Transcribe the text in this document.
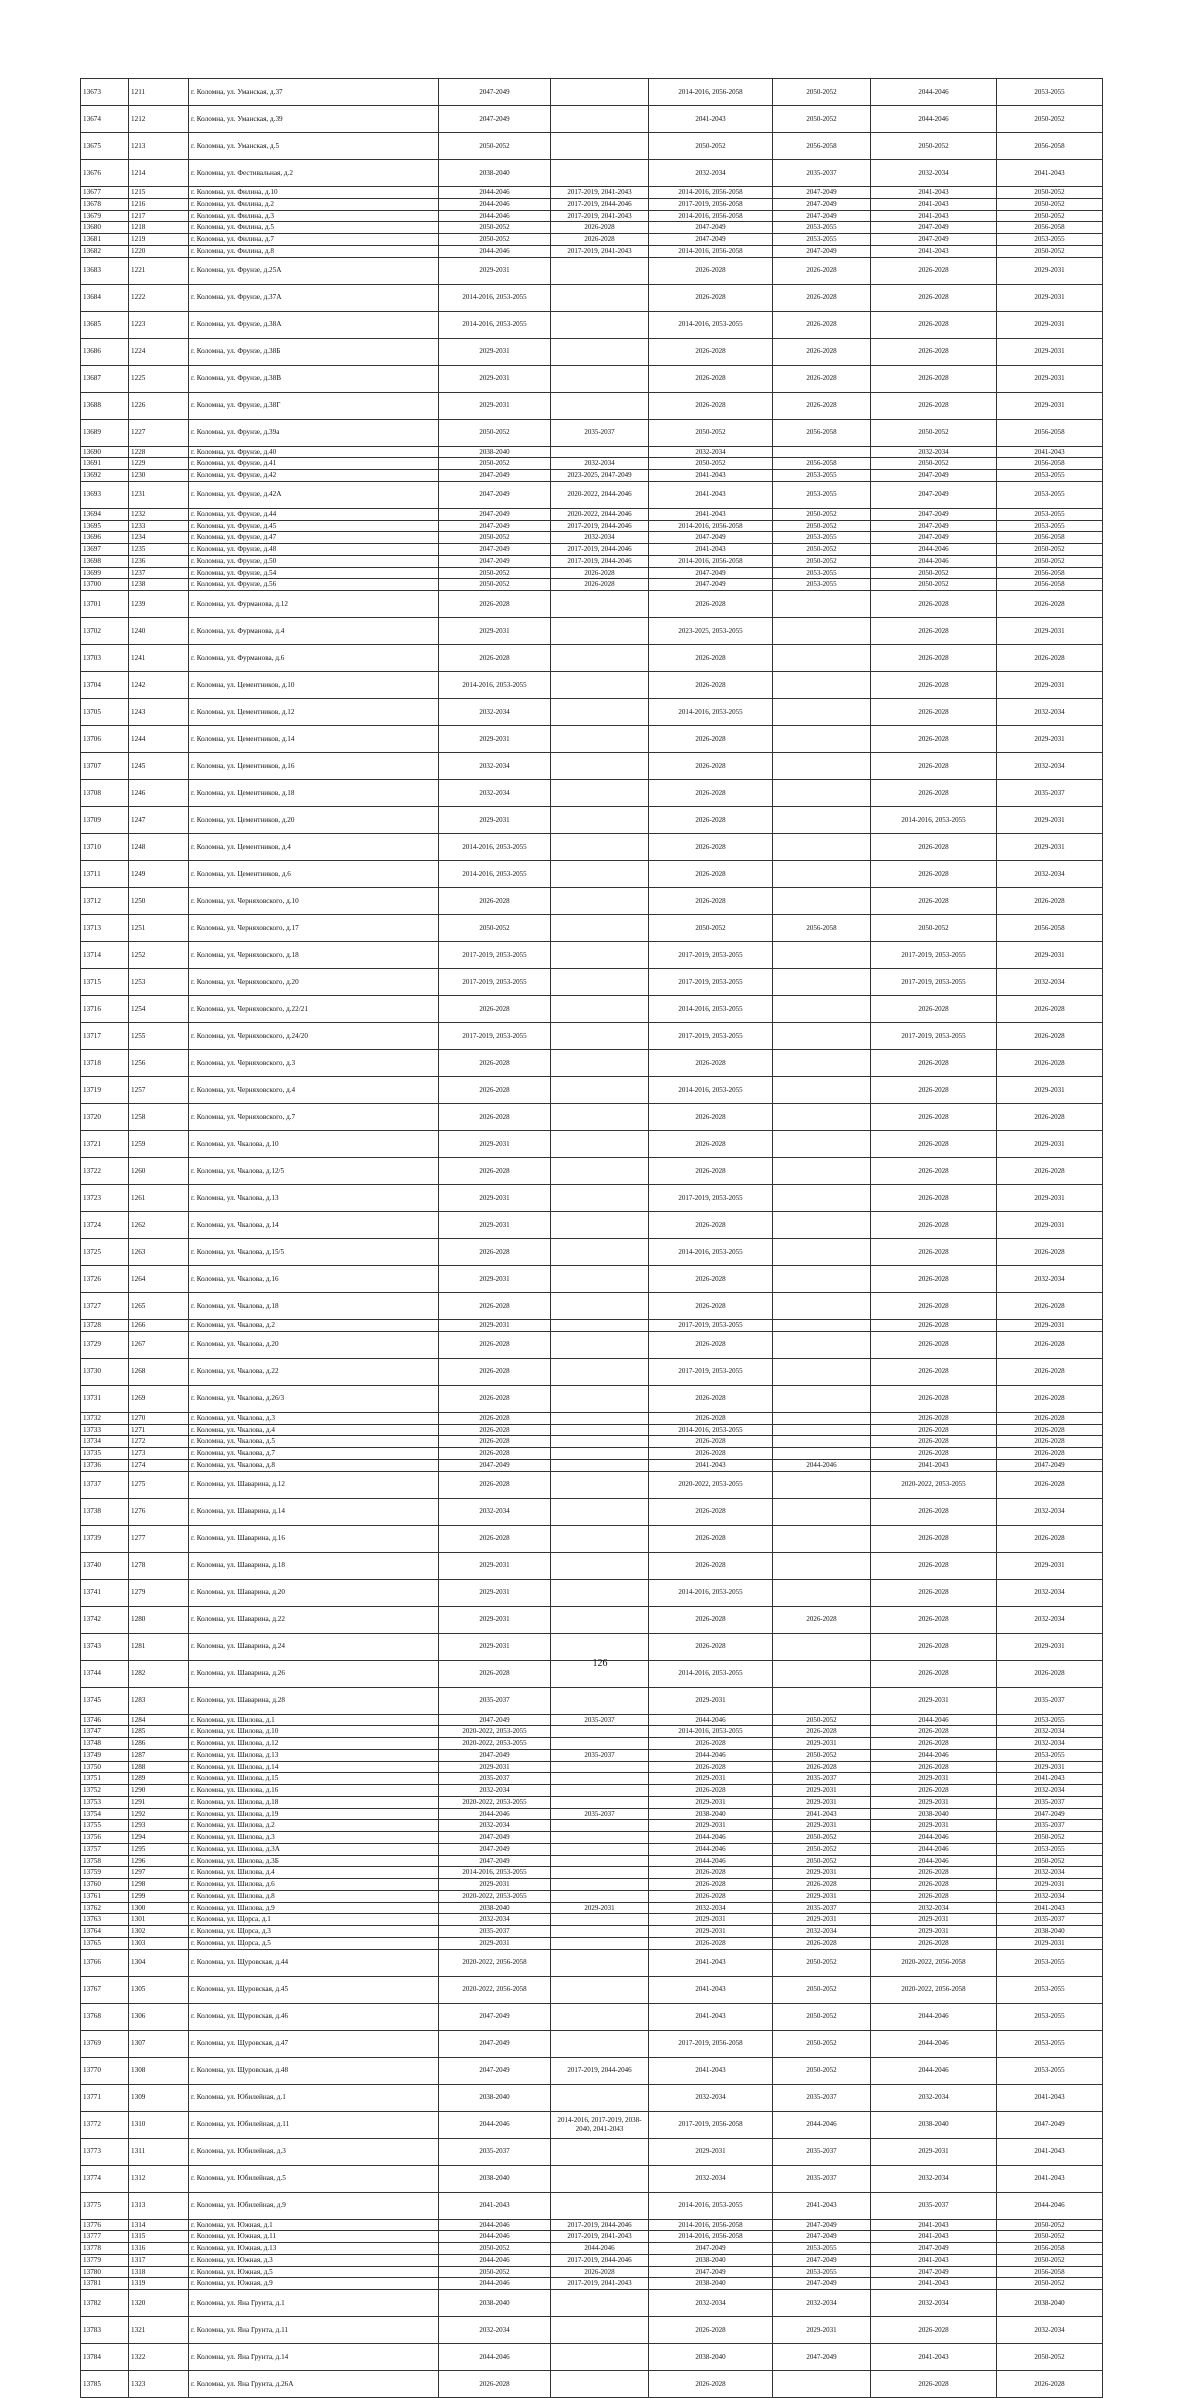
13673	1211	г. Коломна, ул. Уманская, д.37	2047-2049		2014-2016, 2056-2058	2050-2052	2044-2046	2053-2055
13674	1212	г. Коломна, ул. Уманская, д.39	2047-2049		2041-2043	2050-2052	2044-2046	2050-2052
13675	1213	г. Коломна, ул. Уманская, д.5	2050-2052		2050-2052	2056-2058	2050-2052	2056-2058
13676	1214	г. Коломна, ул. Фестивальная, д.2	2038-2040		2032-2034	2035-2037	2032-2034	2041-2043
13677	1215	г. Коломна, ул. Филина, д.10	2044-2046	2017-2019, 2041-2043	2014-2016, 2056-2058	2047-2049	2041-2043	2050-2052
13678	1216	г. Коломна, ул. Филина, д.2	2044-2046	2017-2019, 2044-2046	2017-2019, 2056-2058	2047-2049	2041-2043	2050-2052
13679	1217	г. Коломна, ул. Филина, д.3	2044-2046	2017-2019, 2041-2043	2014-2016, 2056-2058	2047-2049	2041-2043	2050-2052
13680	1218	г. Коломна, ул. Филина, д.5	2050-2052	2026-2028	2047-2049	2053-2055	2047-2049	2056-2058
13681	1219	г. Коломна, ул. Филина, д.7	2050-2052	2026-2028	2047-2049	2053-2055	2047-2049	2053-2055
13682	1220	г. Коломна, ул. Филина, д.8	2044-2046	2017-2019, 2041-2043	2014-2016, 2056-2058	2047-2049	2041-2043	2050-2052
13683	1221	г. Коломна, ул. Фрунзе, д.25А	2029-2031		2026-2028	2026-2028	2026-2028	2029-2031
13684	1222	г. Коломна, ул. Фрунзе, д.37А	2014-2016, 2053-2055		2026-2028	2026-2028	2026-2028	2029-2031
13685	1223	г. Коломна, ул. Фрунзе, д.38А	2014-2016, 2053-2055		2014-2016, 2053-2055	2026-2028	2026-2028	2029-2031
13686	1224	г. Коломна, ул. Фрунзе, д.38Б	2029-2031		2026-2028	2026-2028	2026-2028	2029-2031
13687	1225	г. Коломна, ул. Фрунзе, д.38В	2029-2031		2026-2028	2026-2028	2026-2028	2029-2031
13688	1226	г. Коломна, ул. Фрунзе, д.38Г	2029-2031		2026-2028	2026-2028	2026-2028	2029-2031
13689	1227	г. Коломна, ул. Фрунзе, д.39а	2050-2052	2035-2037	2050-2052	2056-2058	2050-2052	2056-2058
13690	1228	г. Коломна, ул. Фрунзе, д.40	2038-2040		2032-2034		2032-2034	2041-2043
13691	1229	г. Коломна, ул. Фрунзе, д.41	2050-2052	2032-2034	2050-2052	2056-2058	2050-2052	2056-2058
13692	1230	г. Коломна, ул. Фрунзе, д.42	2047-2049	2023-2025, 2047-2049	2041-2043	2053-2055	2047-2049	2053-2055
13693	1231	г. Коломна, ул. Фрунзе, д.42А	2047-2049	2020-2022, 2044-2046	2041-2043	2053-2055	2047-2049	2053-2055
13694	1232	г. Коломна, ул. Фрунзе, д.44	2047-2049	2020-2022, 2044-2046	2041-2043	2050-2052	2047-2049	2053-2055
13695	1233	г. Коломна, ул. Фрунзе, д.45	2047-2049	2017-2019, 2044-2046	2014-2016, 2056-2058	2050-2052	2047-2049	2053-2055
13696	1234	г. Коломна, ул. Фрунзе, д.47	2050-2052	2032-2034	2047-2049	2053-2055	2047-2049	2056-2058
13697	1235	г. Коломна, ул. Фрунзе, д.48	2047-2049	2017-2019, 2044-2046	2041-2043	2050-2052	2044-2046	2050-2052
13698	1236	г. Коломна, ул. Фрунзе, д.50	2047-2049	2017-2019, 2044-2046	2014-2016, 2056-2058	2050-2052	2044-2046	2050-2052
13699	1237	г. Коломна, ул. Фрунзе, д.54	2050-2052	2026-2028	2047-2049	2053-2055	2050-2052	2056-2058
13700	1238	г. Коломна, ул. Фрунзе, д.56	2050-2052	2026-2028	2047-2049	2053-2055	2050-2052	2056-2058
13701	1239	г. Коломна, ул. Фурманова, д.12	2026-2028		2026-2028		2026-2028	2026-2028
13702	1240	г. Коломна, ул. Фурманова, д.4	2029-2031		2023-2025, 2053-2055		2026-2028	2029-2031
13703	1241	г. Коломна, ул. Фурманова, д.6	2026-2028		2026-2028		2026-2028	2026-2028
13704	1242	г. Коломна, ул. Цементников, д.10	2014-2016, 2053-2055		2026-2028		2026-2028	2029-2031
13705	1243	г. Коломна, ул. Цементников, д.12	2032-2034		2014-2016, 2053-2055		2026-2028	2032-2034
13706	1244	г. Коломна, ул. Цементников, д.14	2029-2031		2026-2028		2026-2028	2029-2031
13707	1245	г. Коломна, ул. Цементников, д.16	2032-2034		2026-2028		2026-2028	2032-2034
13708	1246	г. Коломна, ул. Цементников, д.18	2032-2034		2026-2028		2026-2028	2035-2037
13709	1247	г. Коломна, ул. Цементников, д.20	2029-2031		2026-2028		2014-2016, 2053-2055	2029-2031
13710	1248	г. Коломна, ул. Цементников, д.4	2014-2016, 2053-2055		2026-2028		2026-2028	2029-2031
13711	1249	г. Коломна, ул. Цементников, д.6	2014-2016, 2053-2055		2026-2028		2026-2028	2032-2034
13712	1250	г. Коломна, ул. Черняховского, д.10	2026-2028		2026-2028		2026-2028	2026-2028
13713	1251	г. Коломна, ул. Черняховского, д.17	2050-2052		2050-2052	2056-2058	2050-2052	2056-2058
13714	1252	г. Коломна, ул. Черняховского, д.18	2017-2019, 2053-2055		2017-2019, 2053-2055		2017-2019, 2053-2055	2029-2031
13715	1253	г. Коломна, ул. Черняховского, д.20	2017-2019, 2053-2055		2017-2019, 2053-2055		2017-2019, 2053-2055	2032-2034
13716	1254	г. Коломна, ул. Черняховского, д.22/21	2026-2028		2014-2016, 2053-2055		2026-2028	2026-2028
13717	1255	г. Коломна, ул. Черняховского, д.24/20	2017-2019, 2053-2055		2017-2019, 2053-2055		2017-2019, 2053-2055	2026-2028
13718	1256	г. Коломна, ул. Черняховского, д.3	2026-2028		2026-2028		2026-2028	2026-2028
13719	1257	г. Коломна, ул. Черняховского, д.4	2026-2028		2014-2016, 2053-2055		2026-2028	2029-2031
13720	1258	г. Коломна, ул. Черняховского, д.7	2026-2028		2026-2028		2026-2028	2026-2028
13721	1259	г. Коломна, ул. Чкалова, д.10	2029-2031		2026-2028		2026-2028	2029-2031
13722	1260	г. Коломна, ул. Чкалова, д.12/5	2026-2028		2026-2028		2026-2028	2026-2028
13723	1261	г. Коломна, ул. Чкалова, д.13	2029-2031		2017-2019, 2053-2055		2026-2028	2029-2031
13724	1262	г. Коломна, ул. Чкалова, д.14	2029-2031		2026-2028		2026-2028	2029-2031
13725	1263	г. Коломна, ул. Чкалова, д.15/5	2026-2028		2014-2016, 2053-2055		2026-2028	2026-2028
13726	1264	г. Коломна, ул. Чкалова, д.16	2029-2031		2026-2028		2026-2028	2032-2034
13727	1265	г. Коломна, ул. Чкалова, д.18	2026-2028		2026-2028		2026-2028	2026-2028
13728	1266	г. Коломна, ул. Чкалова, д.2	2029-2031		2017-2019, 2053-2055		2026-2028	2029-2031
13729	1267	г. Коломна, ул. Чкалова, д.20	2026-2028		2026-2028		2026-2028	2026-2028
13730	1268	г. Коломна, ул. Чкалова, д.22	2026-2028		2017-2019, 2053-2055		2026-2028	2026-2028
13731	1269	г. Коломна, ул. Чкалова, д.26/3	2026-2028		2026-2028		2026-2028	2026-2028
13732	1270	г. Коломна, ул. Чкалова, д.3	2026-2028		2026-2028		2026-2028	2026-2028
13733	1271	г. Коломна, ул. Чкалова, д.4	2026-2028		2014-2016, 2053-2055		2026-2028	2026-2028
13734	1272	г. Коломна, ул. Чкалова, д.5	2026-2028		2026-2028		2026-2028	2026-2028
13735	1273	г. Коломна, ул. Чкалова, д.7	2026-2028		2026-2028		2026-2028	2026-2028
13736	1274	г. Коломна, ул. Чкалова, д.8	2047-2049		2041-2043	2044-2046	2041-2043	2047-2049
13737	1275	г. Коломна, ул. Шаварина, д.12	2026-2028		2020-2022, 2053-2055		2020-2022, 2053-2055	2026-2028
13738	1276	г. Коломна, ул. Шаварина, д.14	2032-2034		2026-2028		2026-2028	2032-2034
13739	1277	г. Коломна, ул. Шаварина, д.16	2026-2028		2026-2028		2026-2028	2026-2028
13740	1278	г. Коломна, ул. Шаварина, д.18	2029-2031		2026-2028		2026-2028	2029-2031
13741	1279	г. Коломна, ул. Шаварина, д.20	2029-2031		2014-2016, 2053-2055		2026-2028	2032-2034
13742	1280	г. Коломна, ул. Шаварина, д.22	2029-2031		2026-2028	2026-2028	2026-2028	2032-2034
13743	1281	г. Коломна, ул. Шаварина, д.24	2029-2031		2026-2028		2026-2028	2029-2031
13744	1282	г. Коломна, ул. Шаварина, д.26	2026-2028		2014-2016, 2053-2055		2026-2028	2026-2028
13745	1283	г. Коломна, ул. Шаварина, д.28	2035-2037		2029-2031		2029-2031	2035-2037
13746	1284	г. Коломна, ул. Шилова, д.1	2047-2049	2035-2037	2044-2046	2050-2052	2044-2046	2053-2055
13747	1285	г. Коломна, ул. Шилова, д.10	2020-2022, 2053-2055		2014-2016, 2053-2055	2026-2028	2026-2028	2032-2034
13748	1286	г. Коломна, ул. Шилова, д.12	2020-2022, 2053-2055		2026-2028	2029-2031	2026-2028	2032-2034
13749	1287	г. Коломна, ул. Шилова, д.13	2047-2049	2035-2037	2044-2046	2050-2052	2044-2046	2053-2055
13750	1288	г. Коломна, ул. Шилова, д.14	2029-2031		2026-2028	2026-2028	2026-2028	2029-2031
13751	1289	г. Коломна, ул. Шилова, д.15	2035-2037		2029-2031	2035-2037	2029-2031	2041-2043
13752	1290	г. Коломна, ул. Шилова, д.16	2032-2034		2026-2028	2029-2031	2026-2028	2032-2034
13753	1291	г. Коломна, ул. Шилова, д.18	2020-2022, 2053-2055		2029-2031	2029-2031	2029-2031	2035-2037
13754	1292	г. Коломна, ул. Шилова, д.19	2044-2046	2035-2037	2038-2040	2041-2043	2038-2040	2047-2049
13755	1293	г. Коломна, ул. Шилова, д.2	2032-2034		2029-2031	2029-2031	2029-2031	2035-2037
13756	1294	г. Коломна, ул. Шилова, д.3	2047-2049		2044-2046	2050-2052	2044-2046	2050-2052
13757	1295	г. Коломна, ул. Шилова, д.3А	2047-2049		2044-2046	2050-2052	2044-2046	2053-2055
13758	1296	г. Коломна, ул. Шилова, д.3Б	2047-2049		2044-2046	2050-2052	2044-2046	2050-2052
13759	1297	г. Коломна, ул. Шилова, д.4	2014-2016, 2053-2055		2026-2028	2029-2031	2026-2028	2032-2034
13760	1298	г. Коломна, ул. Шилова, д.6	2029-2031		2026-2028	2026-2028	2026-2028	2029-2031
13761	1299	г. Коломна, ул. Шилова, д.8	2020-2022, 2053-2055		2026-2028	2029-2031	2026-2028	2032-2034
13762	1300	г. Коломна, ул. Шилова, д.9	2038-2040	2029-2031	2032-2034	2035-2037	2032-2034	2041-2043
13763	1301	г. Коломна, ул. Щорса, д.1	2032-2034		2029-2031	2029-2031	2029-2031	2035-2037
13764	1302	г. Коломна, ул. Щорса, д.3	2035-2037		2029-2031	2032-2034	2029-2031	2038-2040
13765	1303	г. Коломна, ул. Щорса, д.5	2029-2031		2026-2028	2026-2028	2026-2028	2029-2031
13766	1304	г. Коломна, ул. Щуровская, д.44	2020-2022, 2056-2058		2041-2043	2050-2052	2020-2022, 2056-2058	2053-2055
13767	1305	г. Коломна, ул. Щуровская, д.45	2020-2022, 2056-2058		2041-2043	2050-2052	2020-2022, 2056-2058	2053-2055
13768	1306	г. Коломна, ул. Щуровская, д.46	2047-2049		2041-2043	2050-2052	2044-2046	2053-2055
13769	1307	г. Коломна, ул. Щуровская, д.47	2047-2049		2017-2019, 2056-2058	2050-2052	2044-2046	2053-2055
13770	1308	г. Коломна, ул. Щуровская, д.48	2047-2049	2017-2019, 2044-2046	2041-2043	2050-2052	2044-2046	2053-2055
13771	1309	г. Коломна, ул. Юбилейная, д.1	2038-2040		2032-2034	2035-2037	2032-2034	2041-2043
13772	1310	г. Коломна, ул. Юбилейная, д.11	2044-2046	2014-2016, 2017-2019, 2038-2040, 2041-2043	2017-2019, 2056-2058	2044-2046	2038-2040	2047-2049
13773	1311	г. Коломна, ул. Юбилейная, д.3	2035-2037		2029-2031	2035-2037	2029-2031	2041-2043
13774	1312	г. Коломна, ул. Юбилейная, д.5	2038-2040		2032-2034	2035-2037	2032-2034	2041-2043
13775	1313	г. Коломна, ул. Юбилейная, д.9	2041-2043		2014-2016, 2053-2055	2041-2043	2035-2037	2044-2046
13776	1314	г. Коломна, ул. Южная, д.1	2044-2046	2017-2019, 2044-2046	2014-2016, 2056-2058	2047-2049	2041-2043	2050-2052
13777	1315	г. Коломна, ул. Южная, д.11	2044-2046	2017-2019, 2041-2043	2014-2016, 2056-2058	2047-2049	2041-2043	2050-2052
13778	1316	г. Коломна, ул. Южная, д.13	2050-2052	2044-2046	2047-2049	2053-2055	2047-2049	2056-2058
13779	1317	г. Коломна, ул. Южная, д.3	2044-2046	2017-2019, 2044-2046	2038-2040	2047-2049	2041-2043	2050-2052
13780	1318	г. Коломна, ул. Южная, д.5	2050-2052	2026-2028	2047-2049	2053-2055	2047-2049	2056-2058
13781	1319	г. Коломна, ул. Южная, д.9	2044-2046	2017-2019, 2041-2043	2038-2040	2047-2049	2041-2043	2050-2052
13782	1320	г. Коломна, ул. Яна Грунта, д.1	2038-2040		2032-2034	2032-2034	2032-2034	2038-2040
13783	1321	г. Коломна, ул. Яна Грунта, д.11	2032-2034		2026-2028	2029-2031	2026-2028	2032-2034
13784	1322	г. Коломна, ул. Яна Грунта, д.14	2044-2046		2038-2040	2047-2049	2041-2043	2050-2052
13785	1323	г. Коломна, ул. Яна Грунта, д.26А	2026-2028		2026-2028		2026-2028	2026-2028
126
